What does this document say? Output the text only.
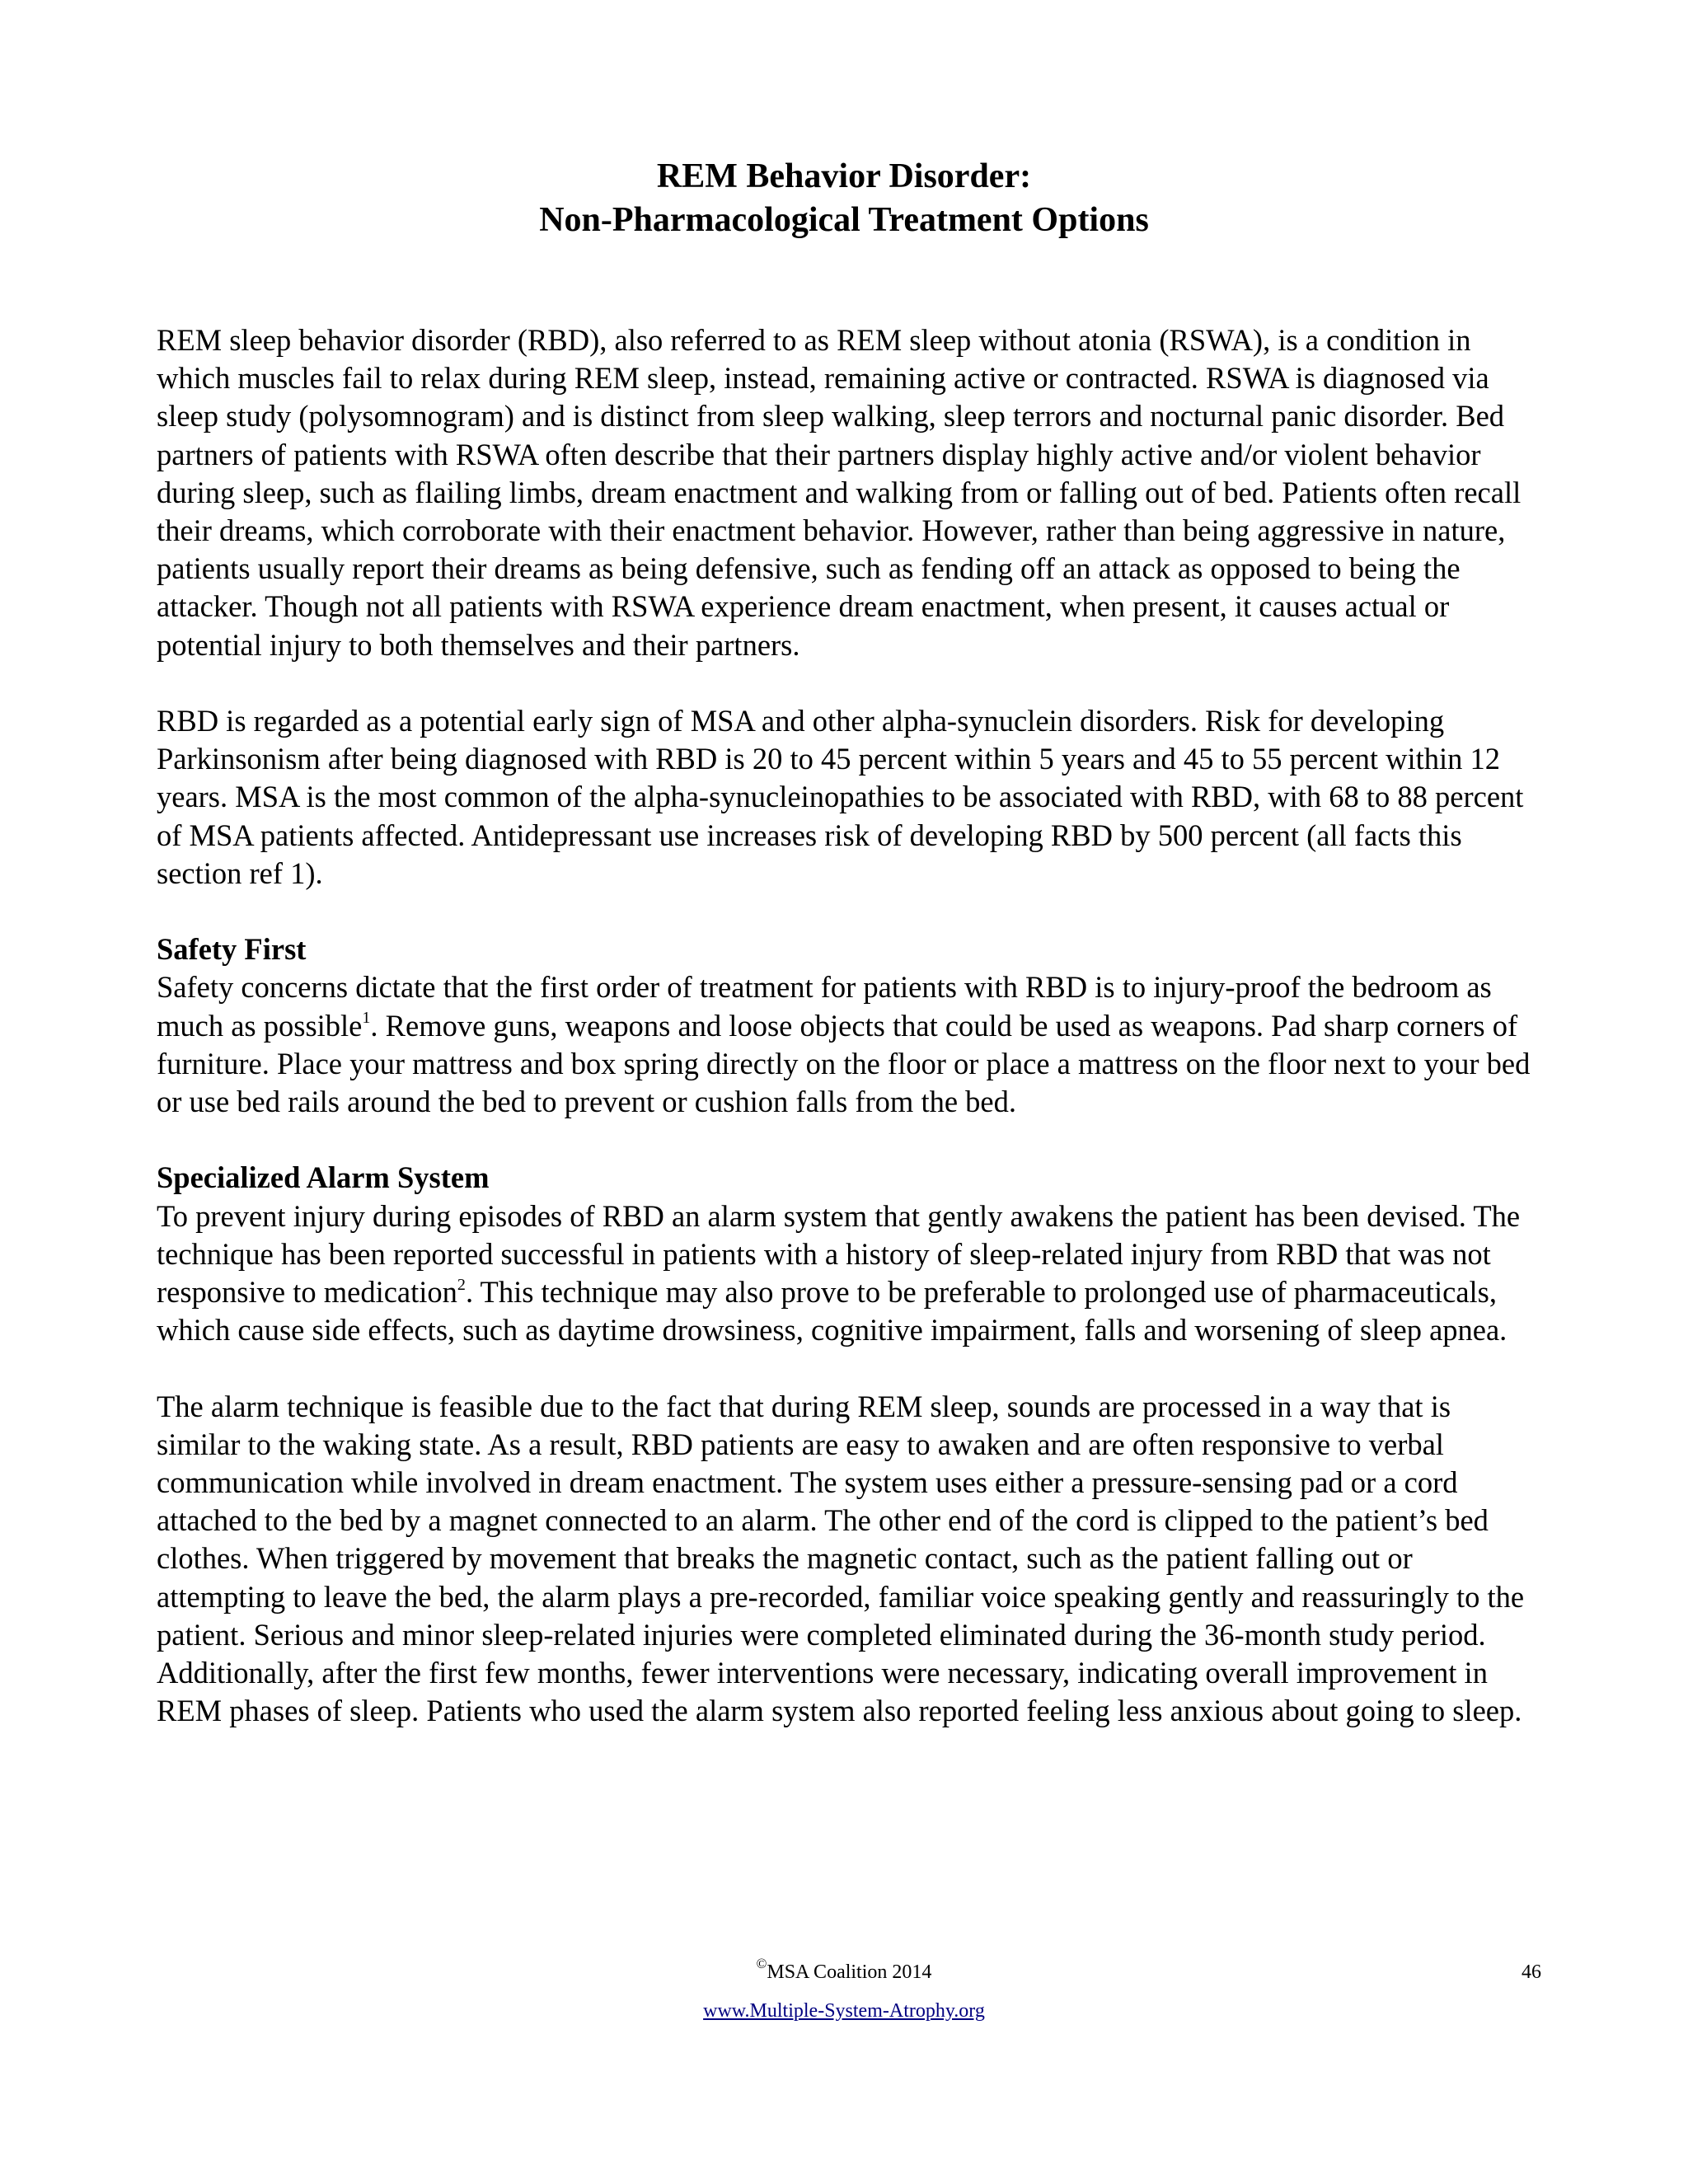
REM Behavior Disorder:
Non-Pharmacological Treatment Options

REM sleep behavior disorder (RBD), also referred to as REM sleep without atonia (RSWA), is a condition in which muscles fail to relax during REM sleep, instead, remaining active or contracted. RSWA is diagnosed via sleep study (polysomnogram) and is distinct from sleep walking, sleep terrors and nocturnal panic disorder. Bed partners of patients with RSWA often describe that their partners display highly active and/or violent behavior during sleep, such as flailing limbs, dream enactment and walking from or falling out of bed. Patients often recall their dreams, which corroborate with their enactment behavior. However, rather than being aggressive in nature, patients usually report their dreams as being defensive, such as fending off an attack as opposed to being the attacker. Though not all patients with RSWA experience dream enactment, when present, it causes actual or potential injury to both themselves and their partners.

RBD is regarded as a potential early sign of MSA and other alpha-synuclein disorders. Risk for developing Parkinsonism after being diagnosed with RBD is 20 to 45 percent within 5 years and 45 to 55 percent within 12 years. MSA is the most common of the alpha-synucleinopathies to be associated with RBD, with 68 to 88 percent of MSA patients affected. Antidepressant use increases risk of developing RBD by 500 percent (all facts this section ref 1).

Safety First

Safety concerns dictate that the first order of treatment for patients with RBD is to injury-proof the bedroom as much as possible$^1$. Remove guns, weapons and loose objects that could be used as weapons. Pad sharp corners of furniture. Place your mattress and box spring directly on the floor or place a mattress on the floor next to your bed or use bed rails around the bed to prevent or cushion falls from the bed.

Specialized Alarm System

To prevent injury during episodes of RBD an alarm system that gently awakens the patient has been devised. The technique has been reported successful in patients with a history of sleep-related injury from RBD that was not responsive to medication$^2$. This technique may also prove to be preferable to prolonged use of pharmaceuticals, which cause side effects, such as daytime drowsiness, cognitive impairment, falls and worsening of sleep apnea.

The alarm technique is feasible due to the fact that during REM sleep, sounds are processed in a way that is similar to the waking state. As a result, RBD patients are easy to awaken and are often responsive to verbal communication while involved in dream enactment. The system uses either a pressure-sensing pad or a cord attached to the bed by a magnet connected to an alarm. The other end of the cord is clipped to the patient’s bed clothes. When triggered by movement that breaks the magnetic contact, such as the patient falling out or attempting to leave the bed, the alarm plays a pre-recorded, familiar voice speaking gently and reassuringly to the patient. Serious and minor sleep-related injuries were completed eliminated during the 36-month study period. Additionally, after the first few months, fewer interventions were necessary, indicating overall improvement in REM phases of sleep. Patients who used the alarm system also reported feeling less anxious about going to sleep.

©MSA Coalition 2014	46
www.Multiple-System-Atrophy.org
